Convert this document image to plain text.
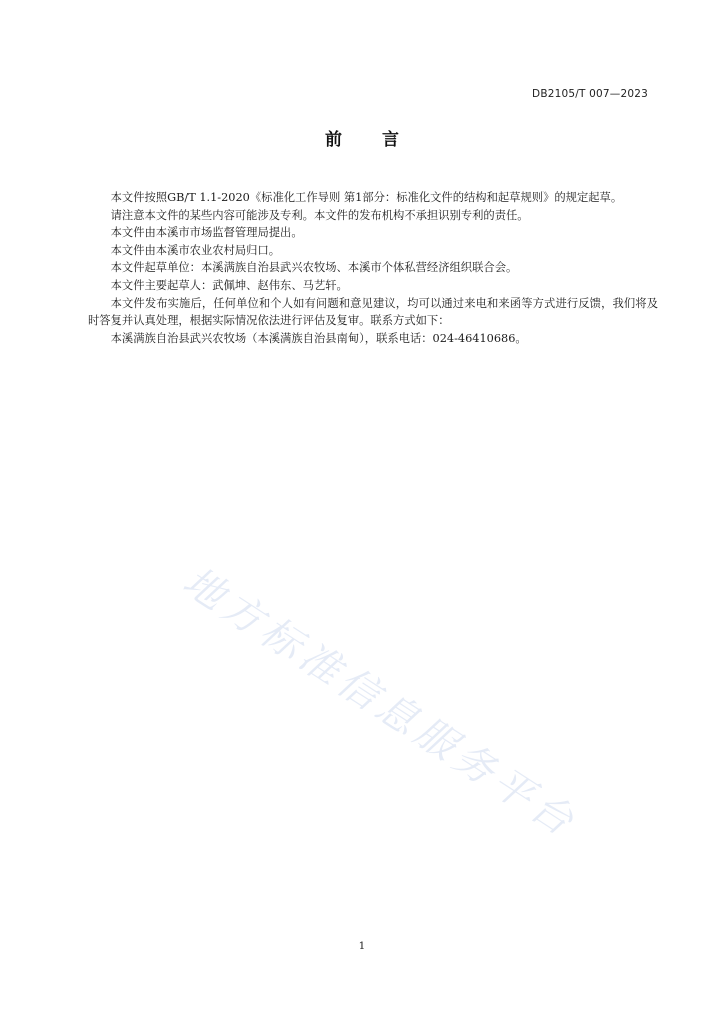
DB2105/T 007—2023
前言

本文件按照GB/T 1.1-2020《标准化工作导则 第1部分：标准化文件的结构和起草规则》的规定起草。

请注意本文件的某些内容可能涉及专利。本文件的发布机构不承担识别专利的责任。

本文件由本溪市市场监督管理局提出。

本文件由本溪市农业农村局归口。

本文件起草单位：本溪满族自治县武兴农牧场、本溪市个体私营经济组织联合会。

本文件主要起草人：武佩坤、赵伟东、马艺轩。

本文件发布实施后，任何单位和个人如有问题和意见建议，均可以通过来电和来函等方式进行反馈，我们将及时答复并认真处理，根据实际情况依法进行评估及复审。联系方式如下：

本溪满族自治县武兴农牧场（本溪满族自治县南甸），联系电话：024-46410686。

地方标准信息服务平台
1
